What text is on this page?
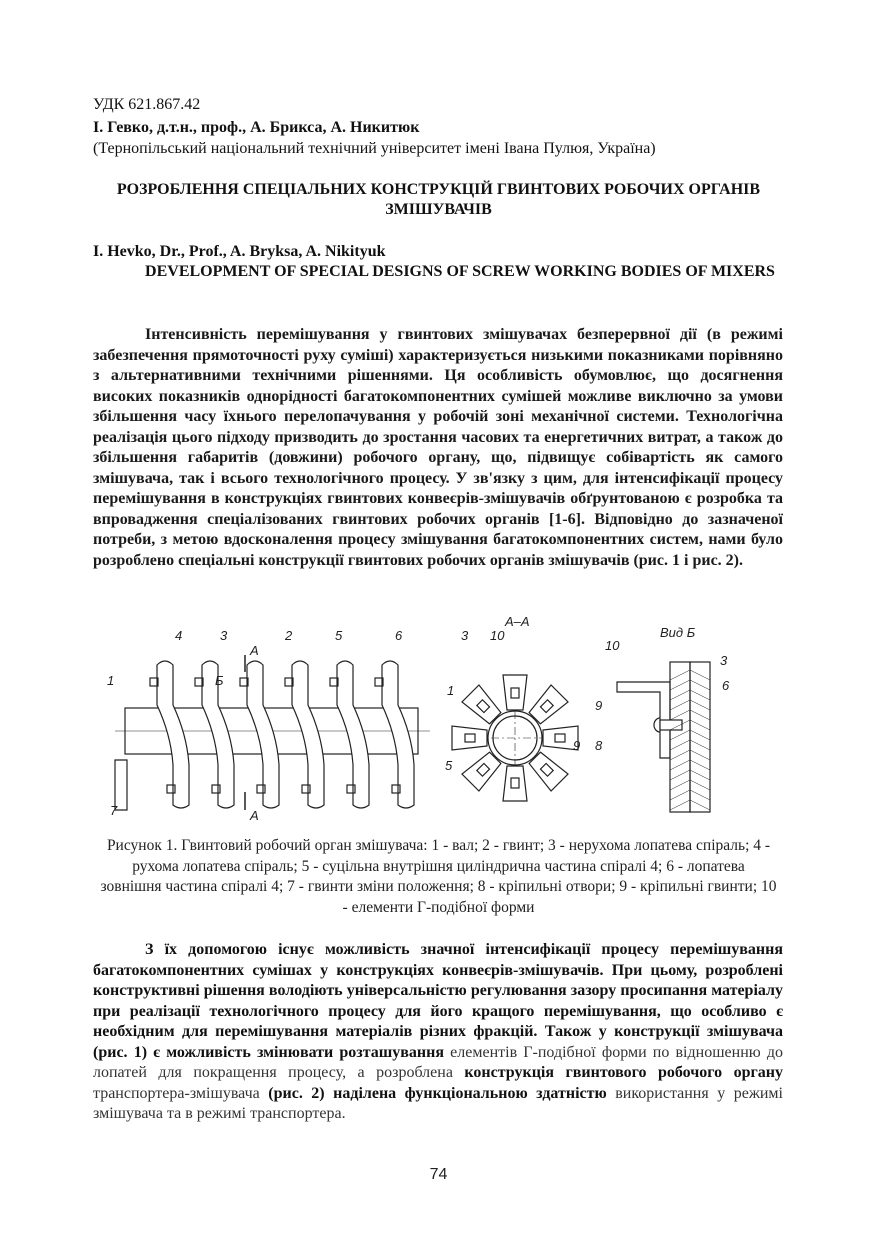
УДК 621.867.42
І. Гевко, д.т.н., проф., А. Брикса, А. Никитюк
(Тернопільський національний технічний університет імені Івана Пулюя, Україна)
РОЗРОБЛЕННЯ СПЕЦІАЛЬНИХ КОНСТРУКЦІЙ ГВИНТОВИХ РОБОЧИХ ОРГАНІВ ЗМІШУВАЧІВ
I. Hevko, Dr., Prof., A. Bryksa, A. Nikityuk
DEVELOPMENT OF SPECIAL DESIGNS OF SCREW WORKING BODIES OF MIXERS

Інтенсивність перемішування у гвинтових змішувачах безперервної дії (в режимі забезпечення прямоточності руху суміші) характеризується низькими показниками порівняно з альтернативними технічними рішеннями. Ця особливість обумовлює, що досягнення високих показників однорідності багатокомпонентних сумішей можливе виключно за умови збільшення часу їхнього перелопачування у робочій зоні механічної системи. Технологічна реалізація цього підходу призводить до зростання часових та енергетичних витрат, а також до збільшення габаритів (довжини) робочого органу, що, підвищує собівартість як самого змішувача, так і всього технологічного процесу. У зв'язку з цим, для інтенсифікації процесу перемішування в конструкціях гвинтових конвеєрів-змішувачів обґрунтованою є розробка та впровадження спеціалізованих гвинтових робочих органів [1-6]. Відповідно до зазначеної потреби, з метою вдосконалення процесу змішування багатокомпонентних систем, нами було розроблено спеціальні конструкції гвинтових робочих органів змішувачів (рис. 1 і рис. 2).

1
2
3
4	5	6
7
Б
А
А
А–А
1
3
5
9
10	Вид Б
3
6
8
9
10
Рисунок 1. Гвинтовий робочий орган змішувача: 1 - вал; 2 - гвинт; 3 - нерухома лопатева спіраль; 4 - рухома лопатева спіраль; 5 - суцільна внутрішня циліндрична частина спіралі 4; 6 - лопатева зовнішня частина спіралі 4; 7 - гвинти зміни положення; 8 - кріпильні отвори; 9 - кріпильні гвинти; 10 - елементи Г-подібної форми

З їх допомогою існує можливість значної інтенсифікації процесу перемішування багатокомпонентних сумішах у конструкціях конвеєрів-змішувачів. При цьому, розроблені конструктивні рішення володіють універсальністю регулювання зазору просипання матеріалу при реалізації технологічного процесу для його кращого перемішування, що особливо є необхідним для перемішування матеріалів різних фракцій. Також у конструкції змішувача (рис. 1) є можливість змінювати розташування елементів Г-подібної форми по відношенню до лопатей для покращення процесу, а розроблена конструкція гвинтового робочого органу транспортера-змішувача (рис. 2) наділена функціональною здатністю використання у режимі змішувача та в режимі транспортера.

74
